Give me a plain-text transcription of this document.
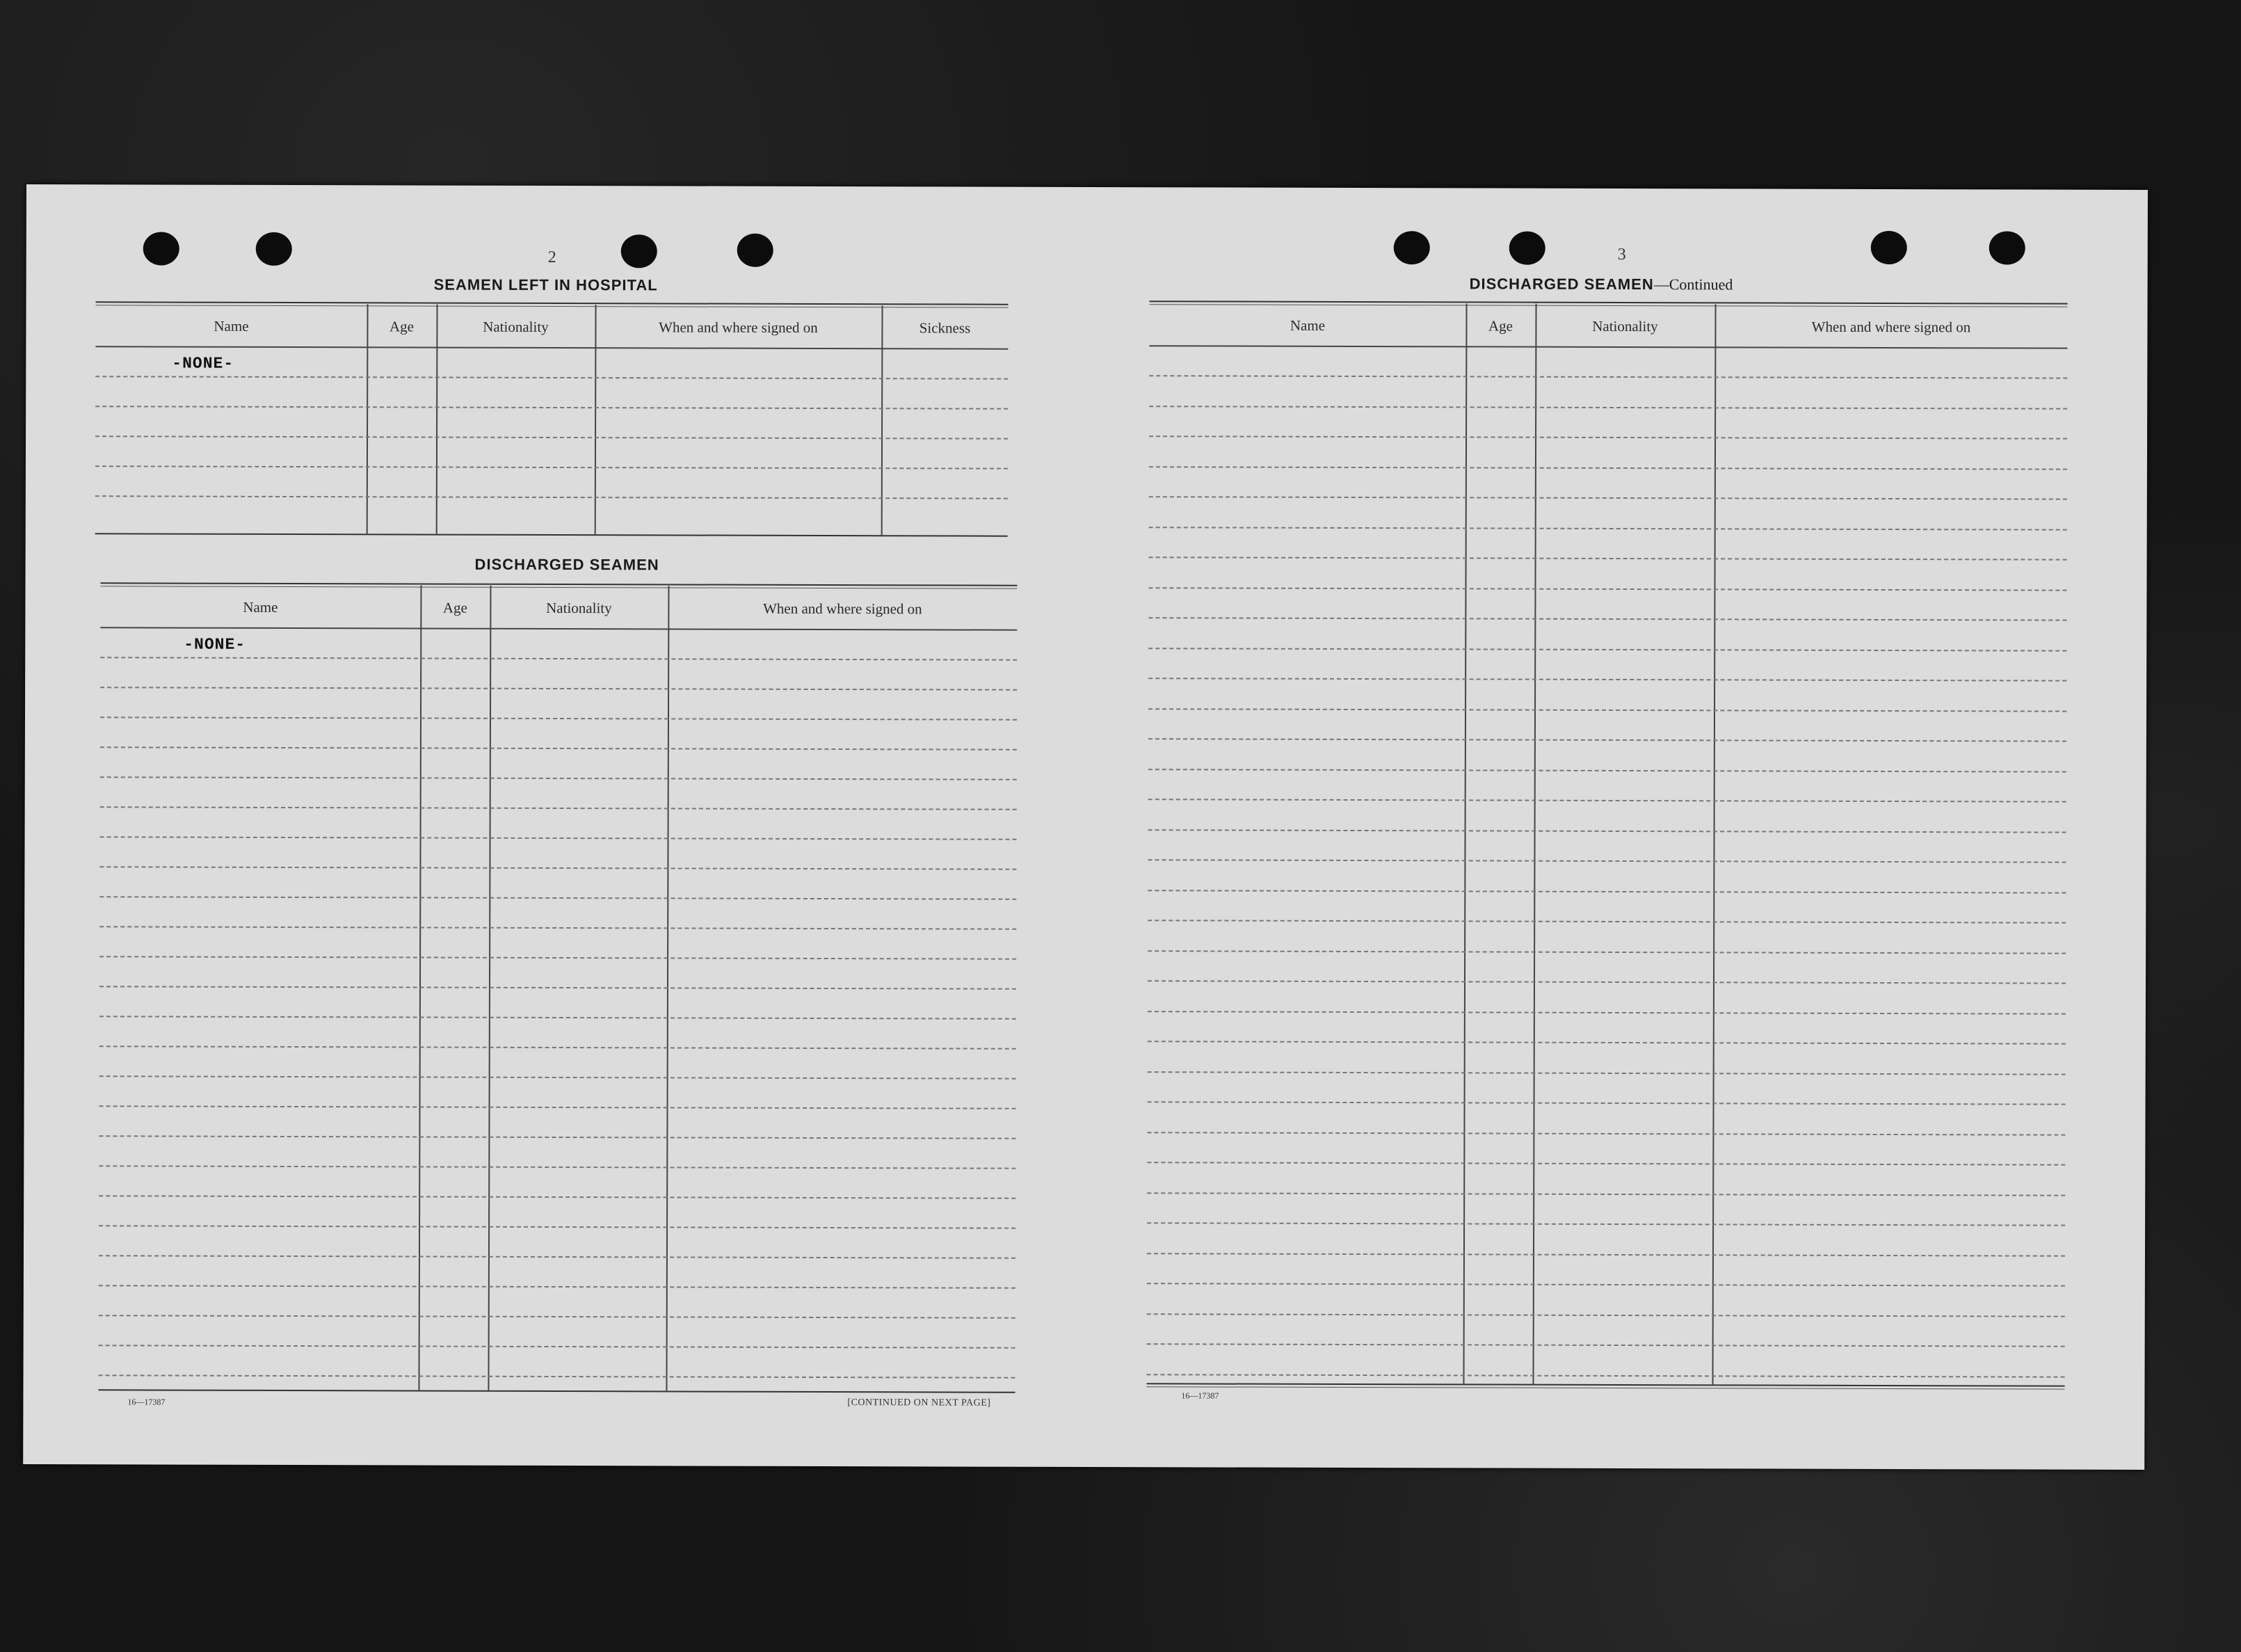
2
SEAMEN LEFT IN HOSPITAL
Name	Age	Nationality	When and where signed on	Sickness
-NONE-
DISCHARGED SEAMEN
Name	Age	Nationality	When and where signed on
-NONE-
16—17387	[CONTINUED ON NEXT PAGE]
3
DISCHARGED SEAMEN—Continued
Name	Age	Nationality	When and where signed on
16—17387
